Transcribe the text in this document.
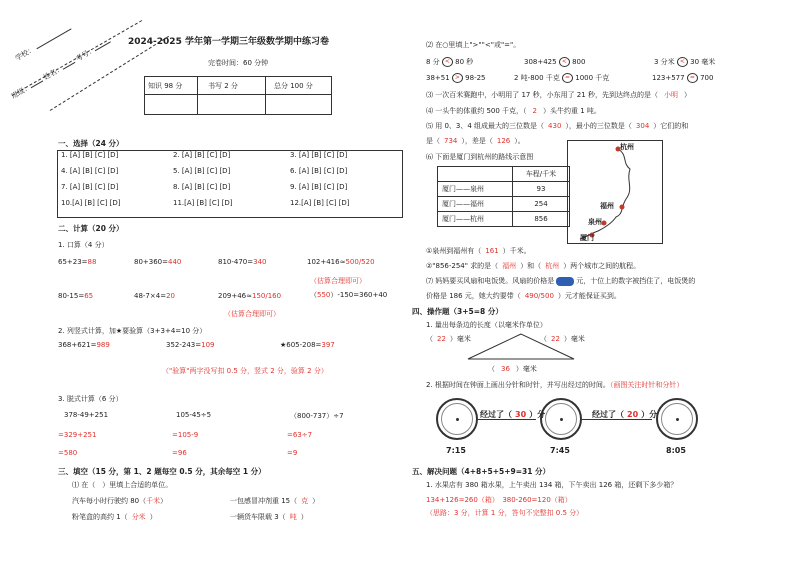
学校：
班级： 姓名： 考号：
2024-2025 学年第一学期三年级数学期中练习卷
完卷时间：60 分钟
知识 98 分	书写 2 分	总分 100 分

一、选择（24 分）
1. [A] [B] [C] [D]	2. [A] [B] [C] [D]	3. [A] [B] [C] [D]
4. [A] [B] [C] [D]	5. [A] [B] [C] [D]	6. [A] [B] [C] [D]
7. [A] [B] [C] [D]	8. [A] [B] [C] [D]	9. [A] [B] [C] [D]
10.[A] [B] [C] [D]	11.[A] [B] [C] [D]	12.[A] [B] [C] [D]
二、计算（20 分）
1. 口算（4 分）
65+23=88	80+360=440	810-470=340	102+416≈500/520
（估算合理即可）
80-15=65	48-7×4=20	209+46≈150/160	（550）-150=360+40
（估算合理即可）
2. 列竖式计算，加★要验算（3+3+4=10 分）
368+621=989	352-243=109	★605-208=397
（"验算"两字没写扣 0.5 分，竖式 2 分，验算 2 分）
3. 脱式计算（6 分）
378-49+251
=329+251
=580
105-45÷5
=105-9
=96
（800-737）÷7
=63÷7
=9
三、填空（15 分，第 1、2 题每空 0.5 分，其余每空 1 分）
⑴ 在（　）里填上合适的单位。
汽车每小时行驶约 80（千米）	一包感冒冲剂重 15（ 克 ）
粉笔盒的高约 1（ 分米 ）	一辆货车限载 3（ 吨 ）
⑵ 在○里填上">""<"或"="。
8 分 < 80 秒	308+425 < 800	3 分米 < 30 毫米
38+51 > 98-25	2 吨-800 千克 = 1000 千克	123+577 = 700
⑶ 一次百米赛跑中，小明用了 17 秒，小东用了 21 秒，先到达终点的是（ 小明 ）
⑷ 一头牛的体重约 500 千克，（ 2 ）头牛约重 1 吨。
⑸ 用 0、3、4 组成最大的三位数是（ 430 ），最小的三位数是（ 304 ）它们的和
是（ 734 ），差是（ 126 ）。
⑹ 下面是厦门到杭州的路线示意图
	车程/千米
厦门——泉州	93
厦门——福州	254
厦门——杭州	856
杭州
福州
泉州
厦门
①泉州到福州有（ 161 ）千米。
②"856-254" 求的是（ 福州 ）和（ 杭州 ）两个城市之间的航程。
⑺ 妈妈要买风扇和电饭煲。风扇的价格是	元，十位上的数字被挡住了，电饭煲的
价格是 186 元，她大约要带（ 490/500 ）元才能保证买到。
四、操作题（3+5=8 分）
1. 量出每条边的长度（以毫米作单位）
（ 22 ）毫米	（ 22 ）毫米
（ 36 ）毫米
2. 根据时间在钟面上画出分针和时针，并写出经过的时间。（画图关注时针和分针）
经过了（ 30 ）分	经过了（ 20 ）分
7:15	7:45	8:05
五、解决问题（4+8+5+5+9=31 分）
1. 水果店有 380 箱水果，上午卖出 134 箱，下午卖出 126 箱，还剩下多少箱？
134+126=260（箱）　380-260=120（箱）
（思路：3 分，计算 1 分，答句不完整扣 0.5 分）
